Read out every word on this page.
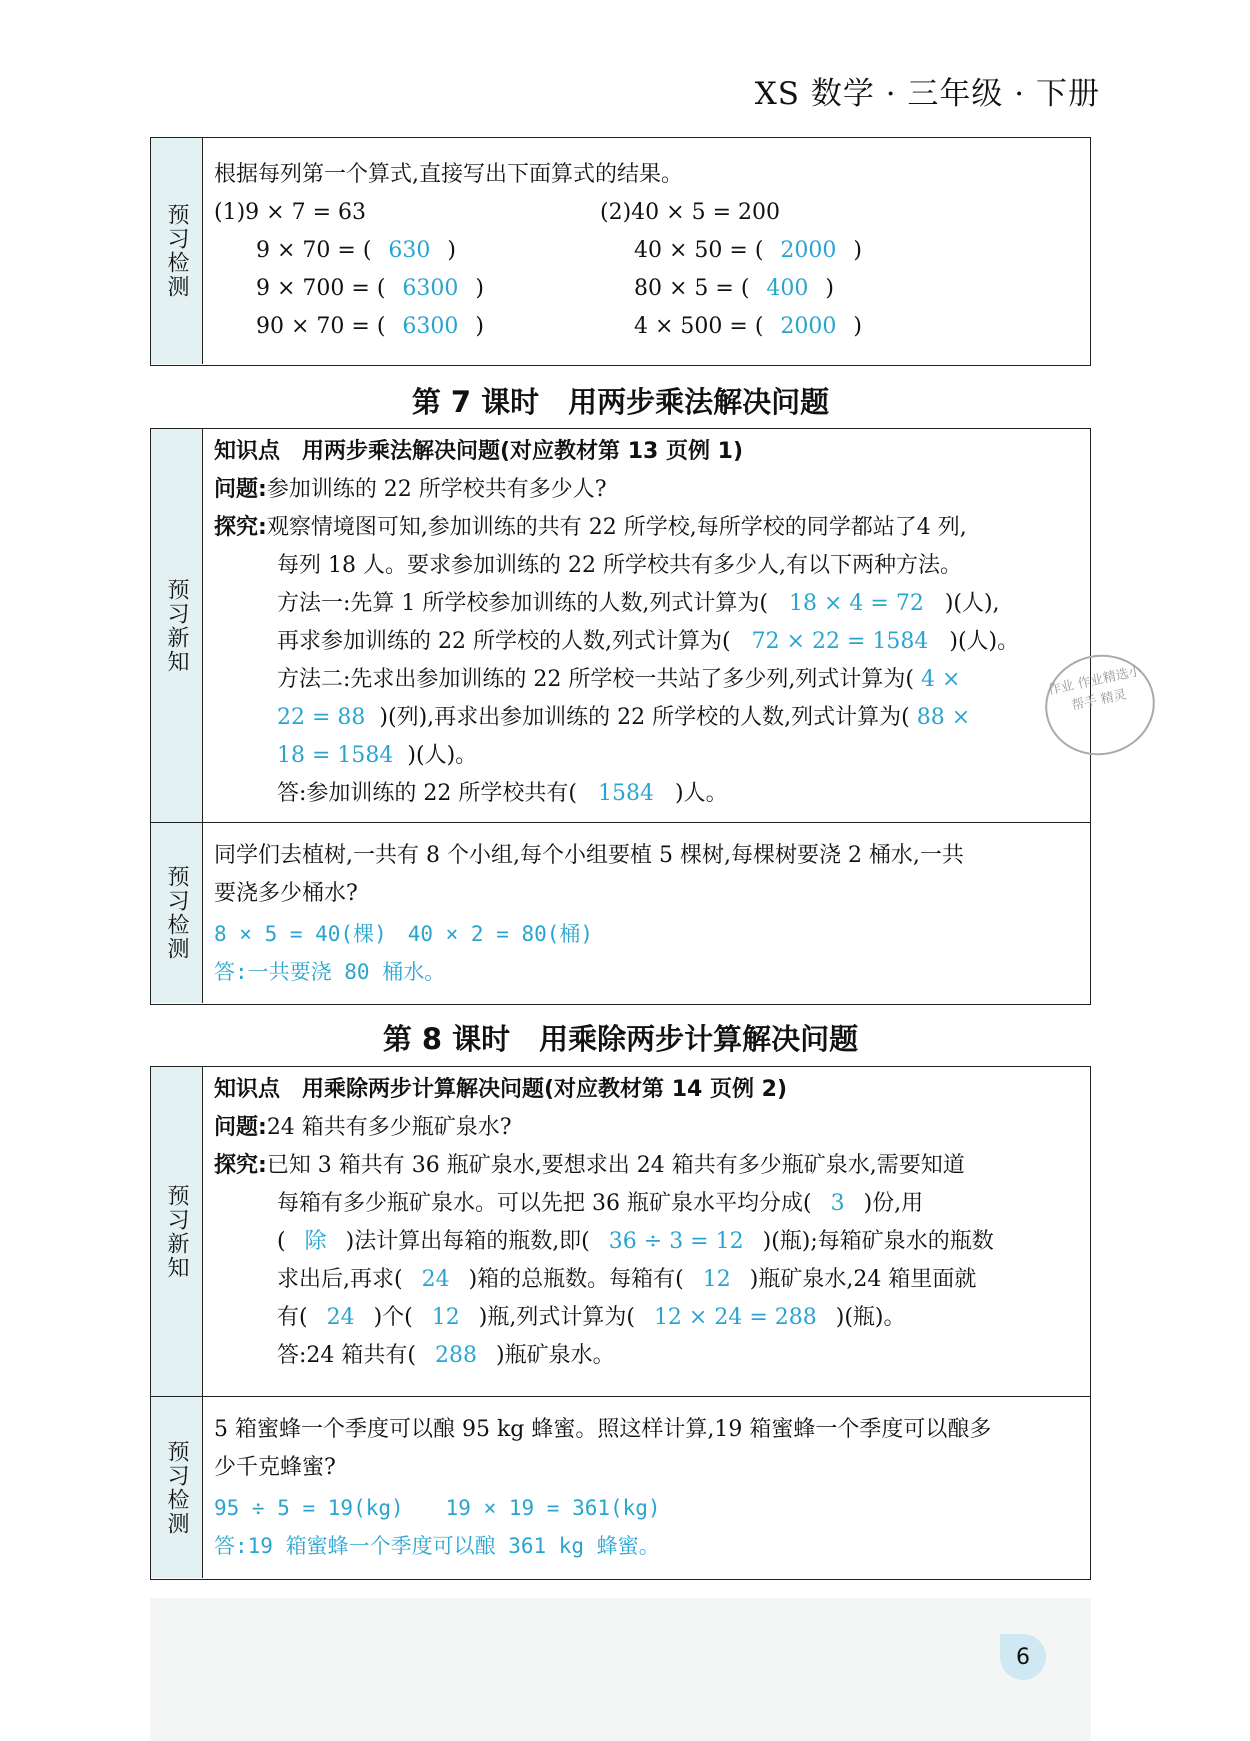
XS 数学 · 三年级 · 下册
预习检测
根据每列第一个算式,直接写出下面算式的结果。
(1)9 × 7 = 63	(2)40 × 5 = 200
9 × 70 = ( 630 )
9 × 700 = ( 6300 )
90 × 70 = ( 6300 )
40 × 50 = ( 2000 )
80 × 5 = ( 400 )
4 × 500 = ( 2000 )
第 7 课时　用两步乘法解决问题
预习新知
知识点　用两步乘法解决问题(对应教材第 13 页例 1)
问题:参加训练的 22 所学校共有多少人?
探究:观察情境图可知,参加训练的共有 22 所学校,每所学校的同学都站了4 列,
每列 18 人。要求参加训练的 22 所学校共有多少人,有以下两种方法。
方法一:先算 1 所学校参加训练的人数,列式计算为( 18 × 4 = 72 )(人),
再求参加训练的 22 所学校的人数,列式计算为( 72 × 22 = 1584 )(人)。
方法二:先求出参加训练的 22 所学校一共站了多少列,列式计算为( 4 ×
22 = 88 )(列),再求出参加训练的 22 所学校的人数,列式计算为( 88 ×
18 = 1584 )(人)。
答:参加训练的 22 所学校共有( 1584 )人。
预习检测
同学们去植树,一共有 8 个小组,每个小组要植 5 棵树,每棵树要浇 2 桶水,一共
要浇多少桶水?
8 × 5 = 40(棵)　40 × 2 = 80(桶)
答:一共要浇 80 桶水。
第 8 课时　用乘除两步计算解决问题
预习新知
知识点　用乘除两步计算解决问题(对应教材第 14 页例 2)
问题:24 箱共有多少瓶矿泉水?
探究:已知 3 箱共有 36 瓶矿泉水,要想求出 24 箱共有多少瓶矿泉水,需要知道
每箱有多少瓶矿泉水。可以先把 36 瓶矿泉水平均分成( 3 )份,用
( 除 )法计算出每箱的瓶数,即( 36 ÷ 3 = 12 )(瓶);每箱矿泉水的瓶数
求出后,再求( 24 )箱的总瓶数。每箱有( 12 )瓶矿泉水,24 箱里面就
有( 24 )个( 12 )瓶,列式计算为( 12 × 24 = 288 )(瓶)。
答:24 箱共有( 288 )瓶矿泉水。
预习检测
5 箱蜜蜂一个季度可以酿 95 kg 蜂蜜。照这样计算,19 箱蜜蜂一个季度可以酿多
少千克蜂蜜?
95 ÷ 5 = 19(kg)　　19 × 19 = 361(kg)
答:19 箱蜜蜂一个季度可以酿 361 kg 蜂蜜。
作业 作业精选小帮手 精灵
6
